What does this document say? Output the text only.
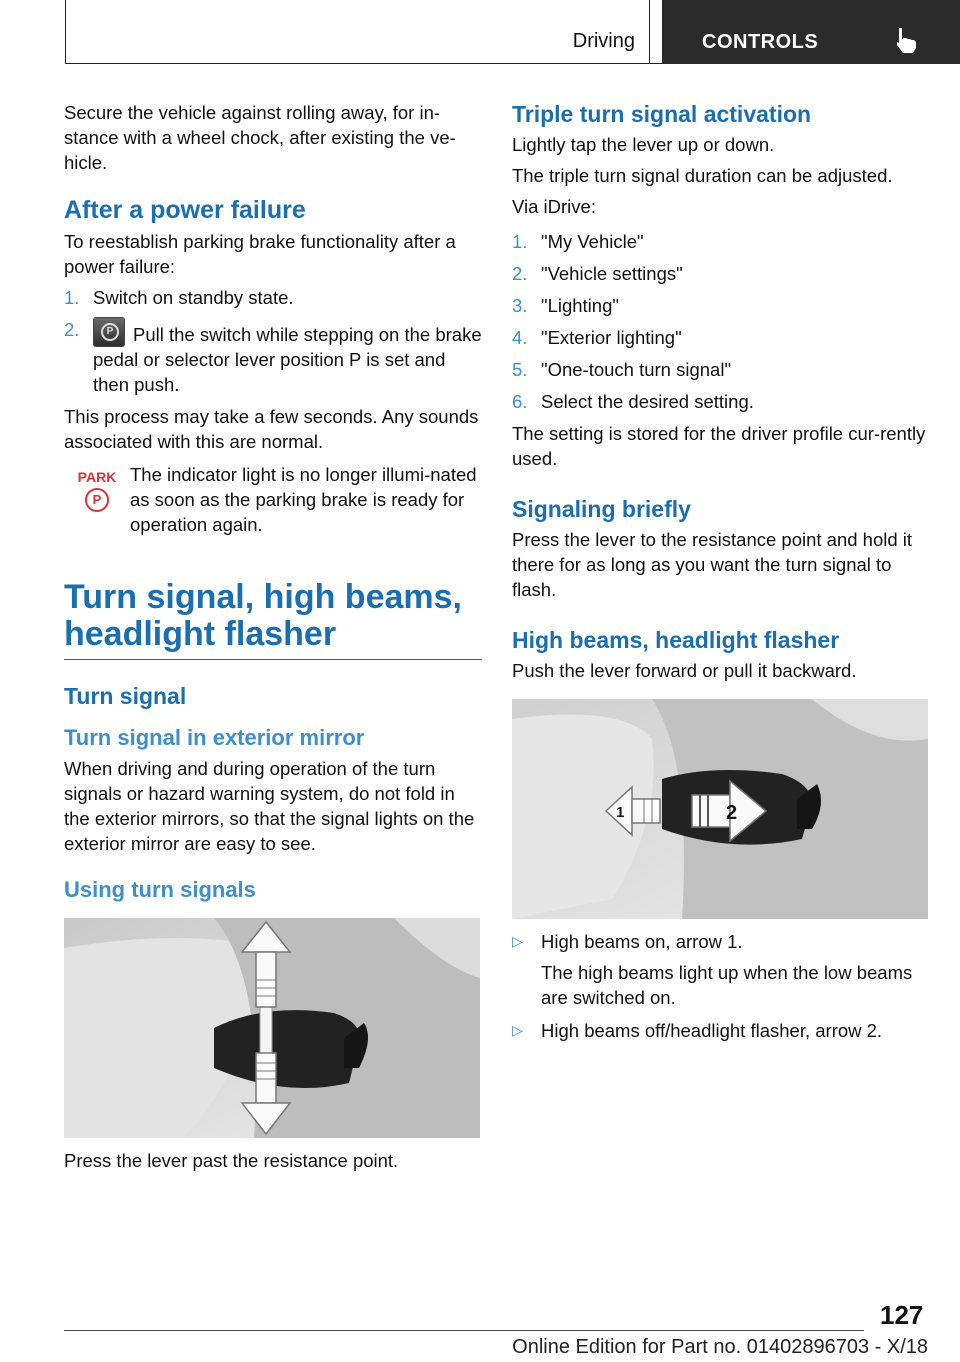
Driving	CONTROLS

Secure the vehicle against rolling away, for in-stance with a wheel chock, after existing the ve-hicle.

After a power failure

To reestablish parking brake functionality after a power failure:

1. Switch on standby state.
2.	P	Pull the switch while stepping on the brake pedal or selector lever position P is set and then push.

This process may take a few seconds. Any sounds associated with this are normal.

PARK
P

The indicator light is no longer illumi-nated as soon as the parking brake is ready for operation again.

Turn signal, high beams, headlight flasher
Turn signal
Turn signal in exterior mirror

When driving and during operation of the turn signals or hazard warning system, do not fold in the exterior mirrors, so that the signal lights on the exterior mirror are easy to see.

Using turn signals

Press the lever past the resistance point.

Triple turn signal activation

Lightly tap the lever up or down.

The triple turn signal duration can be adjusted.

Via iDrive:

1. "My Vehicle"
2. "Vehicle settings"
3. "Lighting"
4. "Exterior lighting"
5. "One-touch turn signal"
6. Select the desired setting.

The setting is stored for the driver profile cur-rently used.

Signaling briefly

Press the lever to the resistance point and hold it there for as long as you want the turn signal to flash.

High beams, headlight flasher

Push the lever forward or pull it backward.

1	2
▷ High beams on, arrow 1.
The high beams light up when the low beams are switched on.
▷ High beams off/headlight flasher, arrow 2.
127
Online Edition for Part no. 01402896703 - X/18
